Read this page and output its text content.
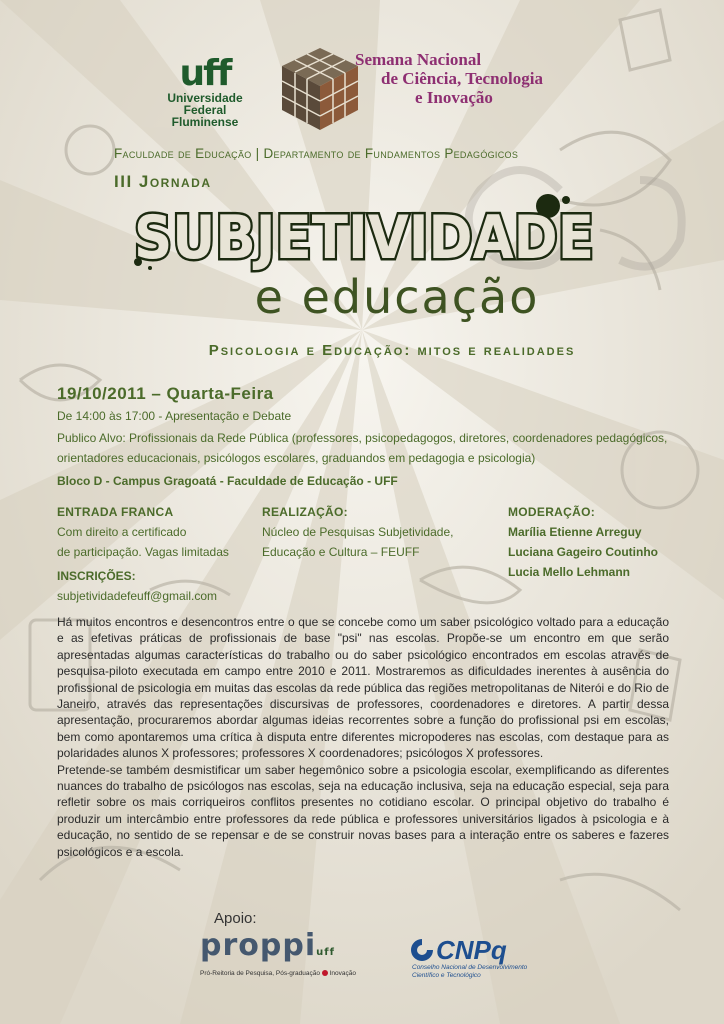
uff
Universidade
Federal
Fluminense
Semana Nacional
de Ciência, Tecnologia
e Inovação
Faculdade de Educação | Departamento de Fundamentos Pedagógicos
III Jornada
SUBJETIVIDADE
e educação
Psicologia e Educação: mitos e realidades
19/10/2011 – Quarta-Feira
De 14:00 às 17:00 - Apresentação e Debate
Publico Alvo: Profissionais da Rede Pública (professores, psicopedagogos, diretores, coordenadores pedagógicos, orientadores educacionais, psicólogos escolares, graduandos em pedagogia e psicologia)
Bloco D - Campus Gragoatá - Faculdade de Educação - UFF
ENTRADA FRANCA
Com direito a certificado
de participação. Vagas limitadas
INSCRIÇÕES:
subjetividadefeuff@gmail.com
REALIZAÇÃO:
Núcleo de Pesquisas Subjetividade,
Educação e Cultura – FEUFF
MODERAÇÃO:
Marília Etienne Arreguy
Luciana Gageiro Coutinho
Lucia Mello Lehmann

Há muitos encontros e desencontros entre o que se concebe como um saber psicológico voltado para a educação e as efetivas práticas de profissionais de base "psi" nas escolas. Propõe-se um encontro em que serão apresentadas algumas características do trabalho ou do saber psicológico encontrados em escolas através de pesquisa-piloto executada em campo entre 2010 e 2011. Mostraremos as dificuldades inerentes à ausência do profissional de psicologia em muitas das escolas da rede pública das regiões metropolitanas de Niterói e do Rio de Janeiro, através das representações discursivas de professores, coordenadores e diretores. A partir dessa apresentação, procuraremos abordar algumas ideias recorrentes sobre a função do profissional psi em escolas, bem como apontaremos uma crítica à disputa entre diferentes micropoderes nas escolas, com destaque para as polaridades alunos X professores; professores X coordenadores; psicólogos X professores.

Pretende-se também desmistificar um saber hegemônico sobre a psicologia escolar, exemplificando as diferentes nuances do trabalho de psicólogos nas escolas, seja na educação inclusiva, seja na educação especial, seja para refletir sobre os mais corriqueiros conflitos presentes no cotidiano escolar. O principal objetivo do trabalho é produzir um intercâmbio entre professores da rede pública e professores universitários ligados à psicologia e à educação, no sentido de se repensar e de se construir novas bases para a interação entre os saberes e fazeres psicológicos e a escola.

Apoio:
proppiuff
Pró-Reitoria de Pesquisa, Pós-graduação Inovação
CNPq
Conselho Nacional de Desenvolvimento
Científico e Tecnológico
